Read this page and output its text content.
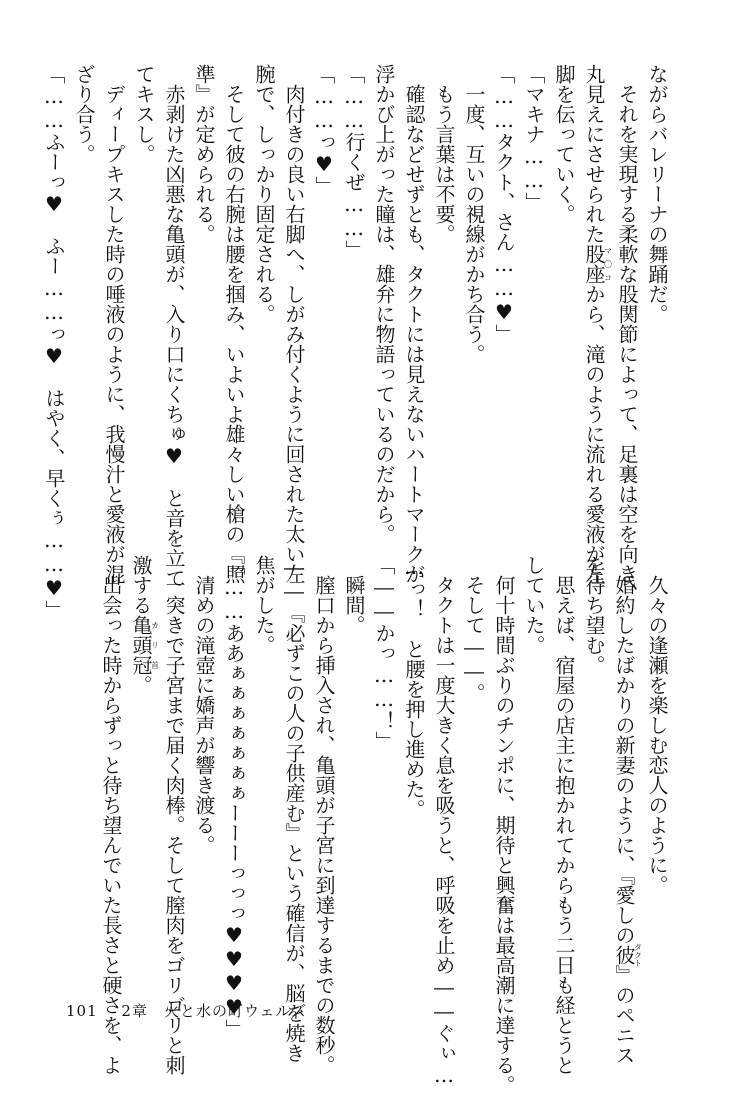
ながらバレリーナの舞踊だ。

　それを実現する柔軟な股関節によって、足裏は空を向き、

丸見えにさせられた股座マ〇コから、滝のように流れる愛液が左

脚を伝っていく。

「マキナ……」

「……タクト、さん……♥」

　一度、互いの視線がかち合う。

　もう言葉は不要。

　確認などせずとも、タクトには見えないハートマークが

浮かび上がった瞳は、雄弁に物語っているのだから。

「……行くぜ……」

「……っ♥」

　肉付きの良い右脚へ、しがみ付くように回された太い左

腕で、しっかり固定される。

　そして彼の右腕は腰を掴み、いよいよ雄々しい槍の『照

準』が定められる。

　赤剥けた凶悪な亀頭が、入り口にくちゅ♥　と音を立て

てキスし。

　ディープキスした時の唾液のように、我慢汁と愛液が混

ざり合う。

「……ふーっ♥　ふー……っ♥　はやく、早くぅ……♥」

　久々の逢瀬を楽しむ恋人のように。

　婚約したばかりの新妻のように、『愛しの彼タクト』のペニス

を待ち望む。

　思えば、宿屋の店主に抱かれてからもう二日も経とうと

していた。

　何十時間ぶりのチンポに、期待と興奮は最高潮に達する。

　そして――。

　タクトは一度大きく息を吸うと、呼吸を止め――ぐぃ…

…っ！　と腰を押し進めた。

「――かっ……！」

　瞬間。

　膣口から挿入され、亀頭が子宮に到達するまでの数秒。

――『必ずこの人の子供産む』という確信が、脳を焼き

焦がした。

「……ああぁぁぁぁぁぁぁーーーっっっ♥♥♥♥」

　清めの滝壺に嬌声が響き渡る。

　一突きで子宮まで届く肉棒。そして膣肉をゴリゴリと刺

激する亀頭冠カリ首。

　出会った時からずっと待ち望んでいた長さと硬さを、よ

101 2章　火と水の町ウェルズ
